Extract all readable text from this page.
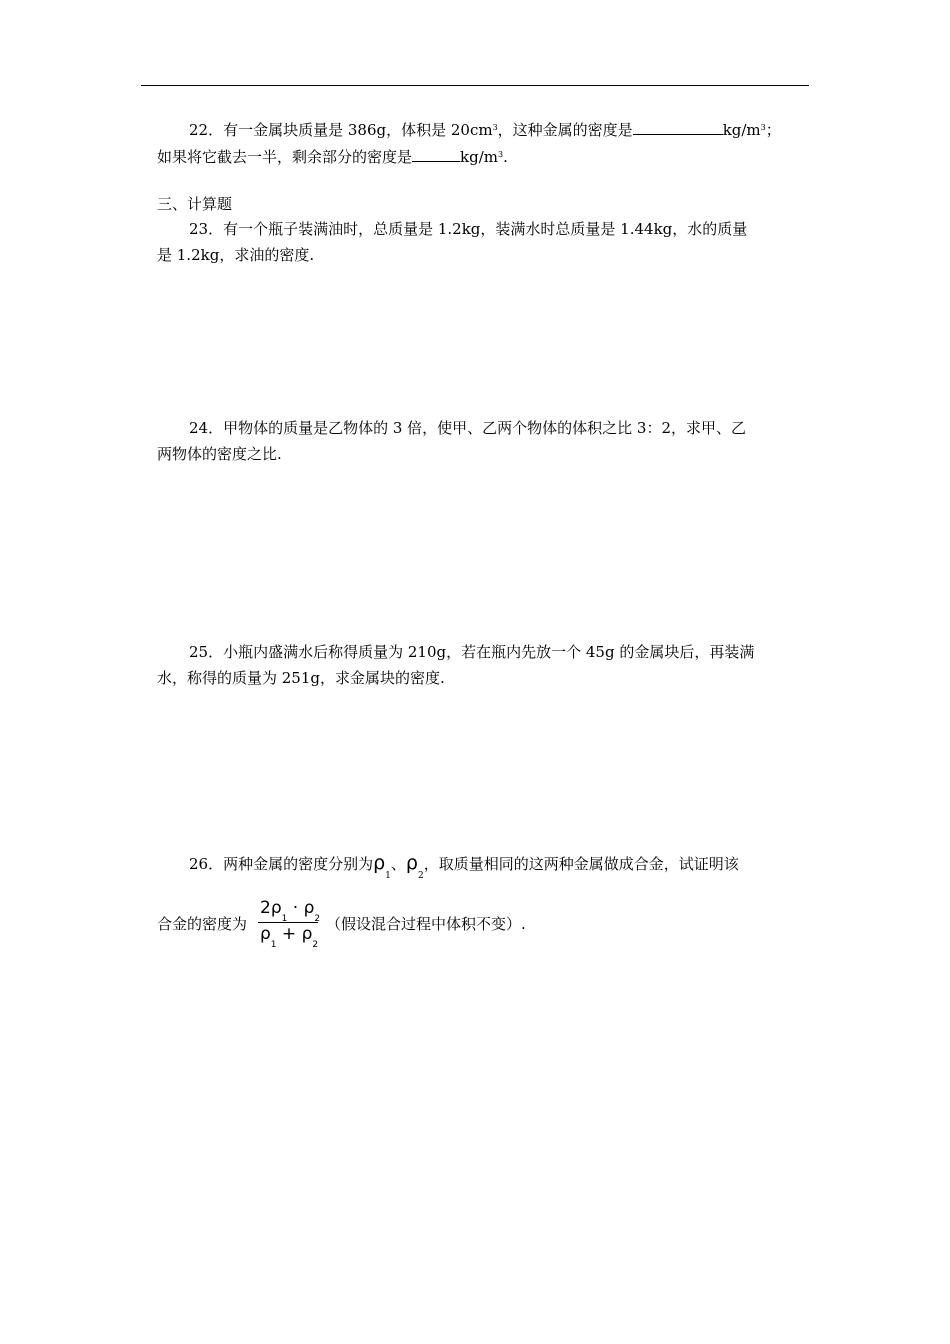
22．有一金属块质量是 386g，体积是 $20cm^3$，这种金属的密度是	$kg/m^3$；
如果将它截去一半，剩余部分的密度是	$kg/m^3$.
三、计算题
23．有一个瓶子装满油时，总质量是 1.2kg，装满水时总质量是 1.44kg，水的质量
是 1.2kg，求油的密度.
24．甲物体的质量是乙物体的 3 倍，使甲、乙两个物体的体积之比 3：2，求甲、乙
两物体的密度之比.
25．小瓶内盛满水后称得质量为 210g，若在瓶内先放一个 45g 的金属块后，再装满
水，称得的质量为 251g，求金属块的密度.
26．两种金属的密度分别为$\rho_1$、$\rho_2$，取质量相同的这两种金属做成合金，试证明该
合金的密度为
$2\rho_1 \cdot \rho_2$
$\rho_1 + \rho_2$
（假设混合过程中体积不变）.
